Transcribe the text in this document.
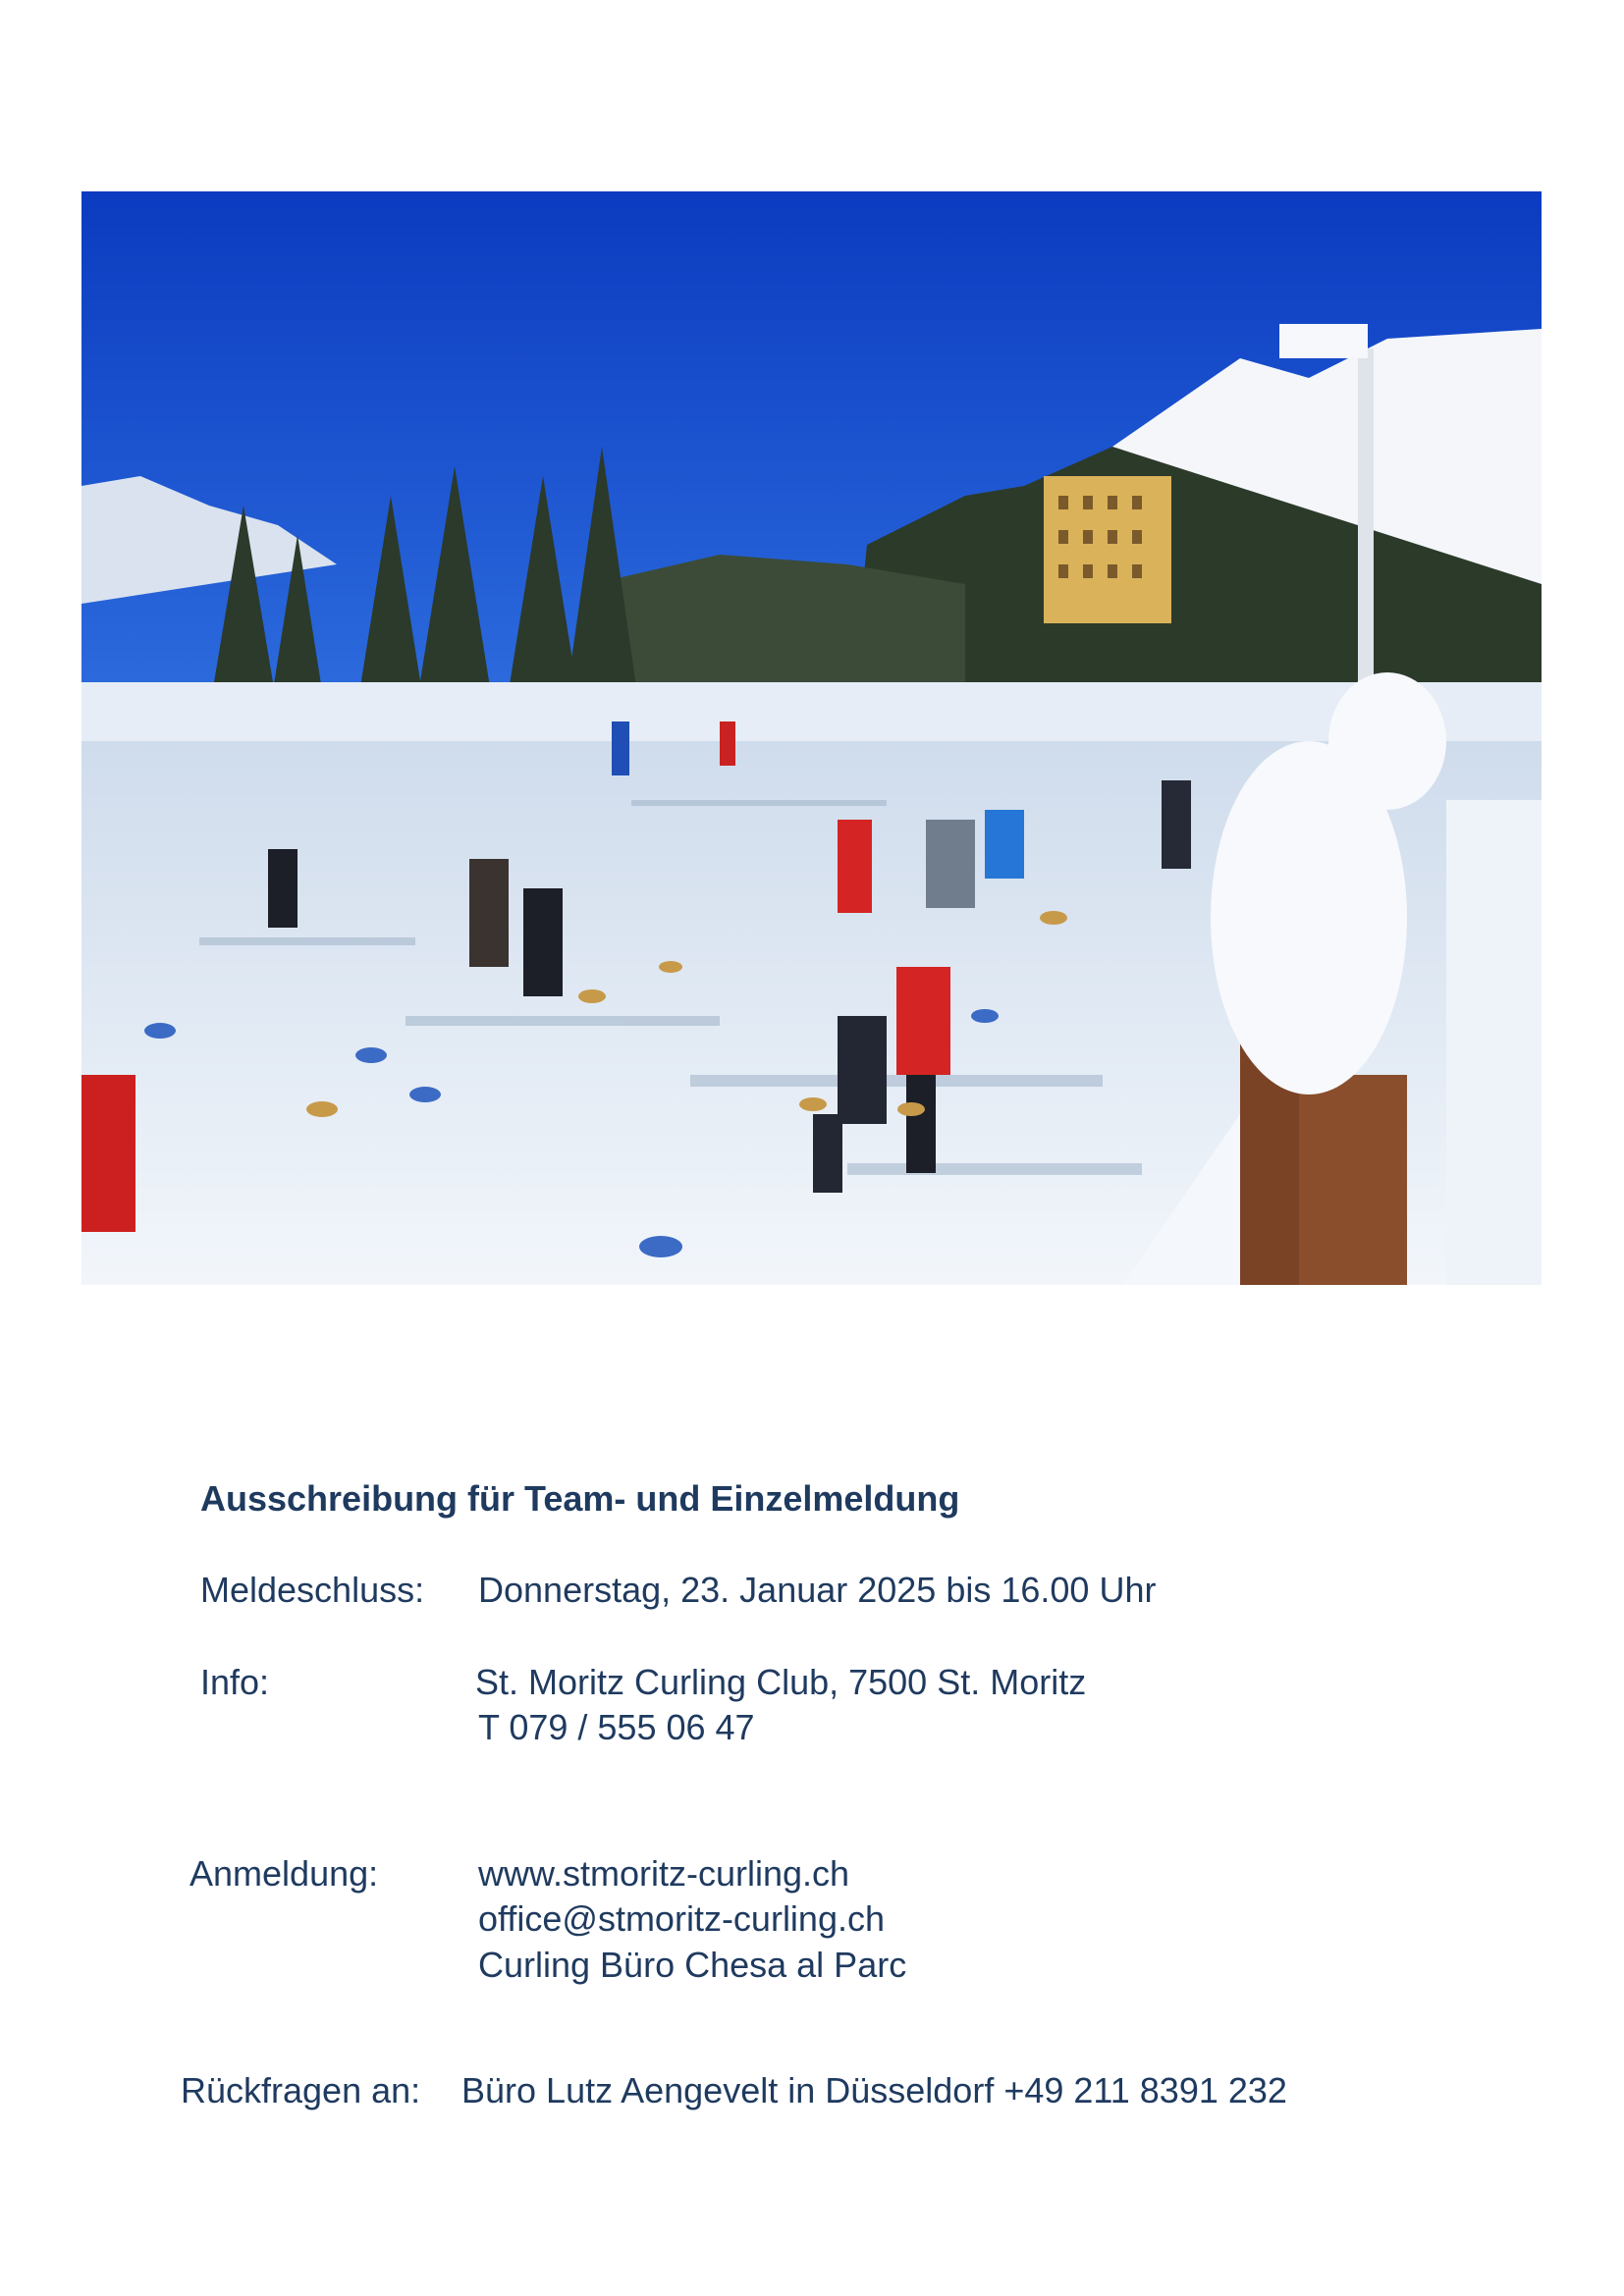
Ausschreibung für Team- und Einzelmeldung
Meldeschluss: Donnerstag, 23. Januar 2025 bis 16.00 Uhr
Info:	St. Moritz Curling Club, 7500 St. Moritz
T 079 / 555 06 47
Anmeldung:	www.stmoritz-curling.ch
office@stmoritz-curling.ch
Curling Büro Chesa al Parc
Rückfragen an: Büro Lutz Aengevelt in Düsseldorf +49 211 8391 232
